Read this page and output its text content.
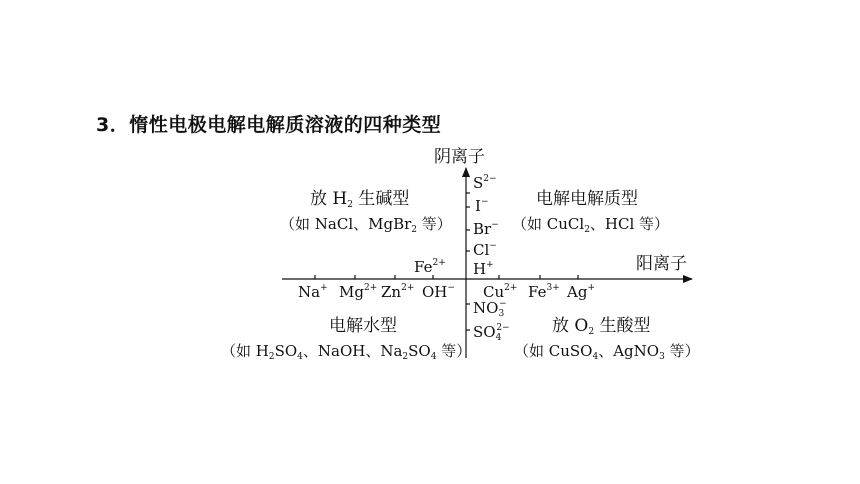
3．惰性电极电解电解质溶液的四种类型
阴离子
阳离子
$S^{2-}$
I−
Br−
Cl−
OH−
$NO_3^-$
$SO_4^{2-}$
$Fe^{2+}$ H+
Na+ $Mg^{2+}$ $Zn^{2+}$	$Cu^{2+}$ $Fe^{3+}$ Ag+
放 $H_2$ 生碱型
（如 NaCl、MgBr$_2$ 等）
电解电解质型
（如 CuCl$_2$、HCl 等）
电解水型
（如 $H_2SO_4$、NaOH、$Na_2SO_4$ 等）
放 $O_2$ 生酸型
（如 CuSO$_4$、AgNO$_3$ 等）
